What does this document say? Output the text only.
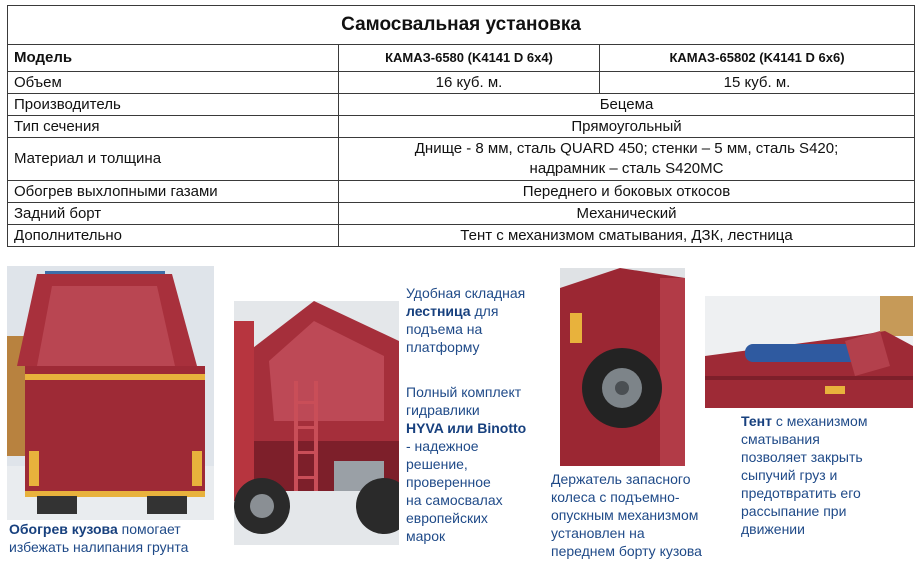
Самосвальная установка		
Модель	КАМАЗ-6580 (K4141 D 6x4)	КАМАЗ-65802 (K4141 D 6x6)
Объем	16 куб. м.	15 куб. м.
Производитель	Бецема	
Тип сечения	Прямоугольный	
Материал и толщина	Днище - 8 мм, сталь QUARD 450; стенки – 5 мм, сталь S420;
надрамник – сталь S420MC	
Обогрев выхлопными газами	Переднего и боковых откосов	
Задний борт	Механический	
Дополнительно	Тент с механизмом сматывания, ДЗК, лестница	
Обогрев кузова помогает
избежать налипания грунта
Удобная складная
лестница для
подъема на
платформу
Полный комплект
гидравлики
HYVA или Binotto
- надежное
решение,
проверенное
на самосвалах
европейских
марок
Держатель запасного
колеса с подъемно-
опускным механизмом
установлен на
переднем борту кузова
Тент с механизмом
сматывания
позволяет закрыть
сыпучий груз и
предотвратить его
рассыпание при
движении
